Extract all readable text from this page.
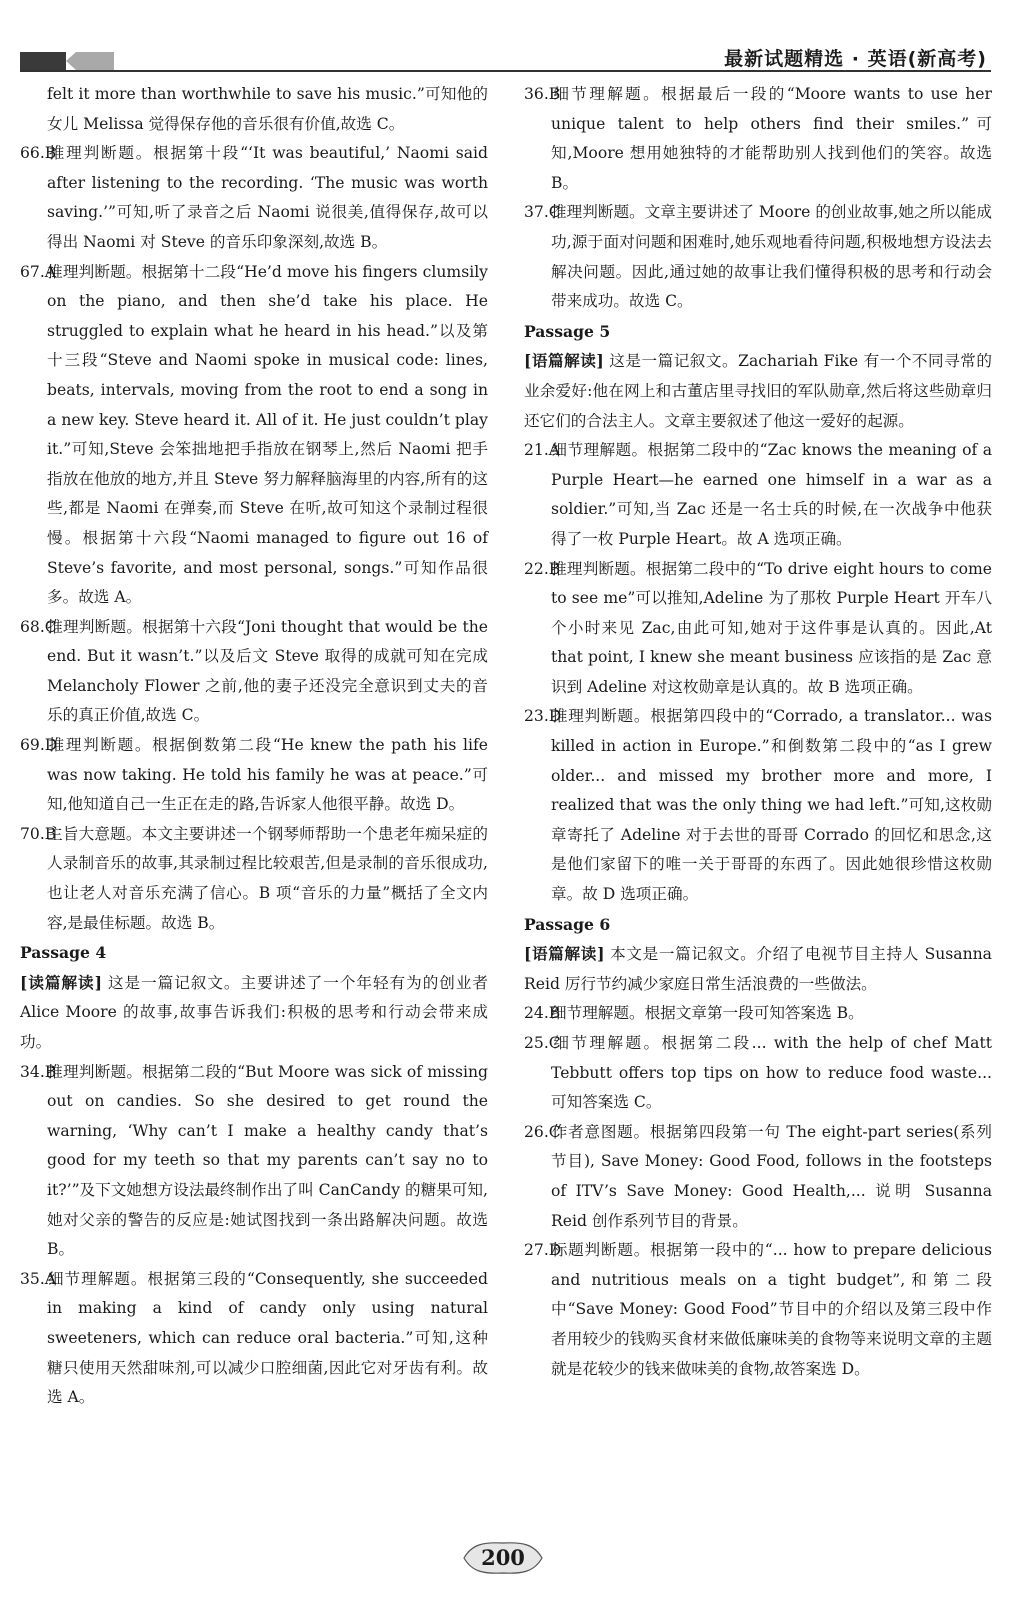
最新试题精选 · 英语(新高考)
felt it more than worthwhile to save his music.”可知他的女儿 Melissa 觉得保存他的音乐很有价值,故选 C。
66.B推理判断题。根据第十段“‘It was beautiful,’ Naomi said after listening to the recording. ‘The music was worth saving.’”可知,听了录音之后 Naomi 说很美,值得保存,故可以得出 Naomi 对 Steve 的音乐印象深刻,故选 B。
67.A推理判断题。根据第十二段“He’d move his fingers clumsily on the piano, and then she’d take his place. He struggled to explain what he heard in his head.”以及第十三段“Steve and Naomi spoke in musical code: lines, beats, intervals, moving from the root to end a song in a new key. Steve heard it. All of it. He just couldn’t play it.”可知,Steve 会笨拙地把手指放在钢琴上,然后 Naomi 把手指放在他放的地方,并且 Steve 努力解释脑海里的内容,所有的这些,都是 Naomi 在弹奏,而 Steve 在听,故可知这个录制过程很慢。根据第十六段“Naomi managed to figure out 16 of Steve’s favorite, and most personal, songs.”可知作品很多。故选 A。
68.C推理判断题。根据第十六段“Joni thought that would be the end. But it wasn’t.”以及后文 Steve 取得的成就可知在完成 Melancholy Flower 之前,他的妻子还没完全意识到丈夫的音乐的真正价值,故选 C。
69.D推理判断题。根据倒数第二段“He knew the path his life was now taking. He told his family he was at peace.”可知,他知道自己一生正在走的路,告诉家人他很平静。故选 D。
70.B主旨大意题。本文主要讲述一个钢琴师帮助一个患老年痴呆症的人录制音乐的故事,其录制过程比较艰苦,但是录制的音乐很成功,也让老人对音乐充满了信心。B 项“音乐的力量”概括了全文内容,是最佳标题。故选 B。
Passage 4
[读篇解读] 这是一篇记叙文。主要讲述了一个年轻有为的创业者 Alice Moore 的故事,故事告诉我们:积极的思考和行动会带来成功。
34.B推理判断题。根据第二段的“But Moore was sick of missing out on candies. So she desired to get round the warning, ‘Why can’t I make a healthy candy that’s good for my teeth so that my parents can’t say no to it?’”及下文她想方设法最终制作出了叫 CanCandy 的糖果可知,她对父亲的警告的反应是:她试图找到一条出路解决问题。故选 B。
35.A细节理解题。根据第三段的“Consequently, she succeeded in making a kind of candy only using natural sweeteners, which can reduce oral bacteria.”可知,这种糖只使用天然甜味剂,可以减少口腔细菌,因此它对牙齿有利。故选 A。
36.B细节理解题。根据最后一段的“Moore wants to use her unique talent to help others find their smiles.”可知,Moore 想用她独特的才能帮助别人找到他们的笑容。故选 B。
37.C推理判断题。文章主要讲述了 Moore 的创业故事,她之所以能成功,源于面对问题和困难时,她乐观地看待问题,积极地想方设法去解决问题。因此,通过她的故事让我们懂得积极的思考和行动会带来成功。故选 C。
Passage 5
[语篇解读] 这是一篇记叙文。Zachariah Fike 有一个不同寻常的业余爱好:他在网上和古董店里寻找旧的军队勋章,然后将这些勋章归还它们的合法主人。文章主要叙述了他这一爱好的起源。
21.A细节理解题。根据第二段中的“Zac knows the meaning of a Purple Heart—he earned one himself in a war as a soldier.”可知,当 Zac 还是一名士兵的时候,在一次战争中他获得了一枚 Purple Heart。故 A 选项正确。
22.B推理判断题。根据第二段中的“To drive eight hours to come to see me”可以推知,Adeline 为了那枚 Purple Heart 开车八个小时来见 Zac,由此可知,她对于这件事是认真的。因此,At that point, I knew she meant business 应该指的是 Zac 意识到 Adeline 对这枚勋章是认真的。故 B 选项正确。
23.D推理判断题。根据第四段中的“Corrado, a translator... was killed in action in Europe.”和倒数第二段中的“as I grew older... and missed my brother more and more, I realized that was the only thing we had left.”可知,这枚勋章寄托了 Adeline 对于去世的哥哥 Corrado 的回忆和思念,这是他们家留下的唯一关于哥哥的东西了。因此她很珍惜这枚勋章。故 D 选项正确。
Passage 6
[语篇解读] 本文是一篇记叙文。介绍了电视节目主持人 Susanna Reid 厉行节约减少家庭日常生活浪费的一些做法。
24.B细节理解题。根据文章第一段可知答案选 B。
25.C细节理解题。根据第二段... with the help of chef Matt Tebbutt offers top tips on how to reduce food waste... 可知答案选 C。
26.C作者意图题。根据第四段第一句 The eight-part series(系列节目), Save Money: Good Food, follows in the footsteps of ITV’s Save Money: Good Health,... 说明 Susanna Reid 创作系列节目的背景。
27.D标题判断题。根据第一段中的“... how to prepare delicious and nutritious meals on a tight budget”,和第二段中“Save Money: Good Food”节目中的介绍以及第三段中作者用较少的钱购买食材来做低廉味美的食物等来说明文章的主题就是花较少的钱来做味美的食物,故答案选 D。
200
